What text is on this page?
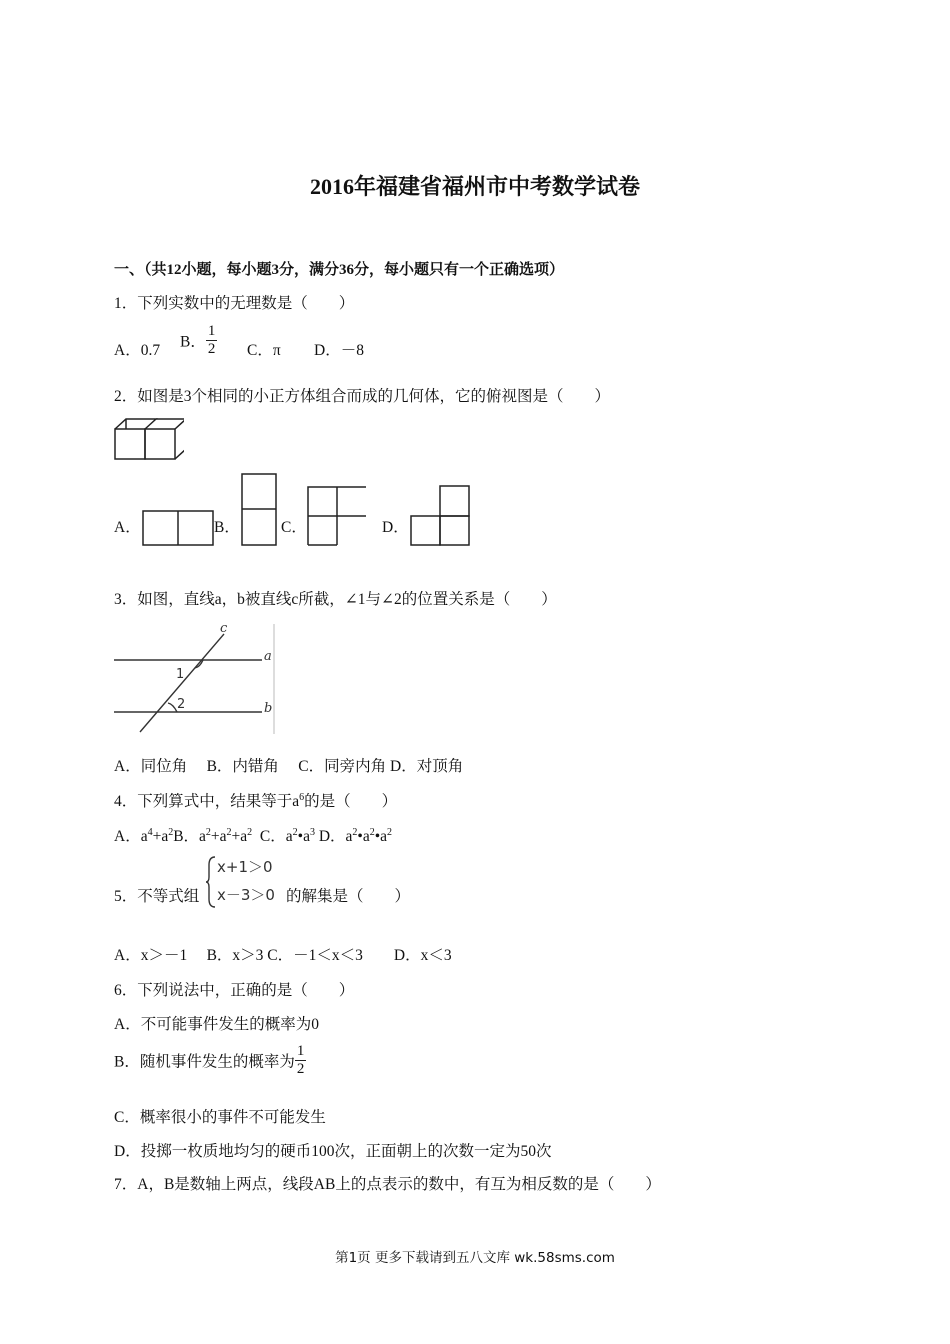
2016年福建省福州市中考数学试卷
一、（共12小题，每小题3分，满分36分，每小题只有一个正确选项）
1．下列实数中的无理数是（　　）
A．0.7 B． $\frac{1}{2}$ C．π D．－8
2．如图是3个相同的小正方体组合而成的几何体，它的俯视图是（　　）
A．	B．	C．	D．
3．如图，直线a，b被直线c所截，∠1与∠2的位置关系是（　　）
c
a
b
1
2
A．同位角　 B．内错角　 C．同旁内角 D．对顶角
4．下列算式中，结果等于$a^6$的是（　　）
A．$a^4+a^2B$．$a^2+a^2+a^2$ C．$a^2•a^3$ D．$a^2•a^2•a^2$
5．不等式组
x+1＞0
x－3＞0 的解集是（　　）
A．x＞－1　 B．x＞3 C．－1＜x＜3　　D．x＜3
6．下列说法中，正确的是（　　）
A．不可能事件发生的概率为0
B．随机事件发生的概率为 $\frac{1}{2}$
C．概率很小的事件不可能发生
D．投掷一枚质地均匀的硬币100次，正面朝上的次数一定为50次
7．A，B是数轴上两点，线段AB上的点表示的数中，有互为相反数的是（　　）
第1页 更多下载请到五八文库 wk.58sms.com
